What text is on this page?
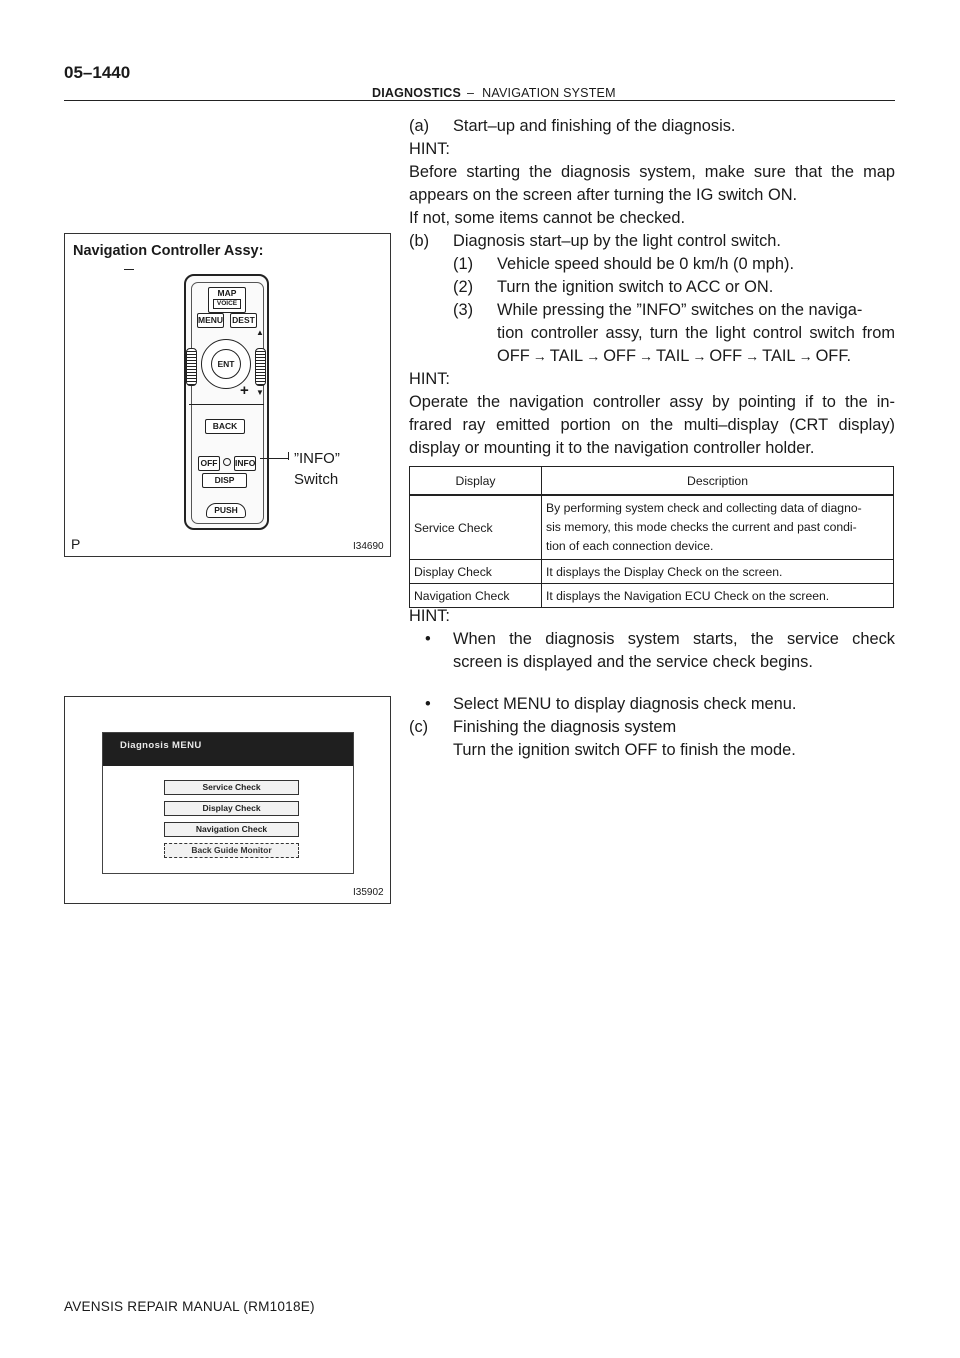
05–1440
DIAGNOSTICS – NAVIGATION SYSTEM
(a) Start–up and finishing of the diagnosis.
HINT:
Before starting the diagnosis system, make sure that the map
appears on the screen after turning the IG switch ON.
If not, some items cannot be checked.
(b) Diagnosis start–up by the light control switch.
(1) Vehicle speed should be 0 km/h (0 mph).
(2) Turn the ignition switch to ACC or ON.
(3) While pressing the ”INFO” switches on the naviga-
tion controller assy, turn the light control switch from
OFF → TAIL → OFF → TAIL → OFF → TAIL → OFF.
HINT:
Operate the navigation controller assy by pointing if to the in-
frared ray emitted portion on the multi–display (CRT display)
display or mounting it to the navigation controller holder.
Display	Description
Service Check	By performing system check and collecting data of diagno-
sis memory, this mode checks the current and past condi-
tion of each connection device.

Display Check	It displays the Display Check on the screen.
Navigation Check	It displays the Navigation ECU Check on the screen.
HINT:
• When the diagnosis system starts, the service check
screen is displayed and the service check begins.
• Select MENU to display diagnosis check menu.
(c) Finishing the diagnosis system
Turn the ignition switch OFF to finish the mode.
Navigation Controller Assy:
MAP
VOICE
MENU DEST
ENT
+
▲
▼
BACK
OFF INFO
DISP
PUSH
”INFO”
Switch
P	I34690
Diagnosis MENU
Service Check
Display Check
Navigation Check
Back Guide Monitor
I35902
AVENSIS REPAIR MANUAL (RM1018E)
